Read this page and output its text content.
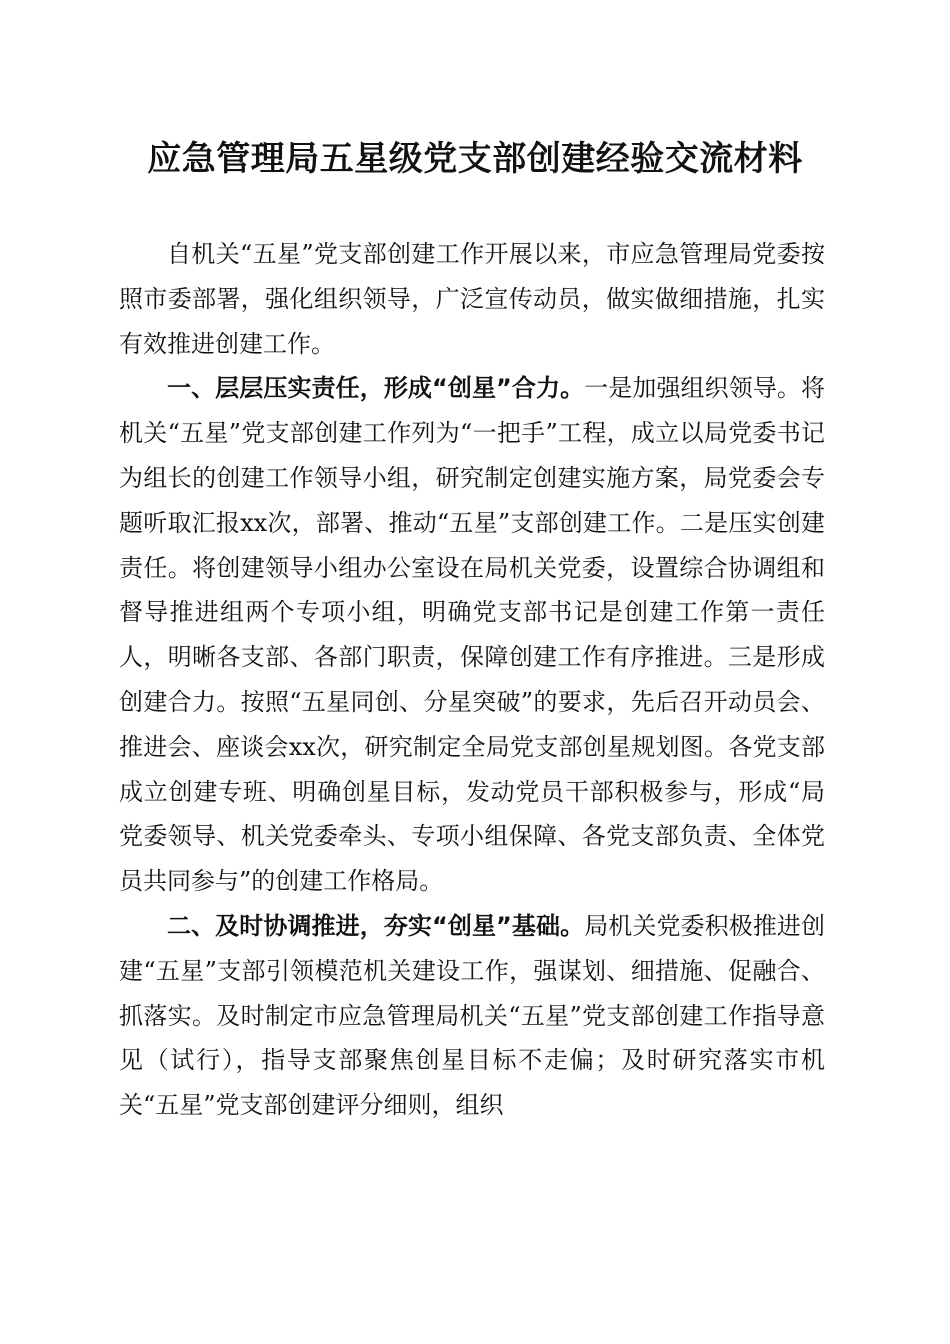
应急管理局五星级党支部创建经验交流材料

自机关“五星”党支部创建工作开展以来，市应急管理局党委按照市委部署，强化组织领导，广泛宣传动员，做实做细措施，扎实有效推进创建工作。

一、层层压实责任，形成“创星”合力。一是加强组织领导。将机关“五星”党支部创建工作列为“一把手”工程，成立以局党委书记为组长的创建工作领导小组，研究制定创建实施方案，局党委会专题听取汇报xx次，部署、推动“五星”支部创建工作。二是压实创建责任。将创建领导小组办公室设在局机关党委，设置综合协调组和督导推进组两个专项小组，明确党支部书记是创建工作第一责任人，明晰各支部、各部门职责，保障创建工作有序推进。三是形成创建合力。按照“五星同创、分星突破”的要求，先后召开动员会、推进会、座谈会xx次，研究制定全局党支部创星规划图。各党支部成立创建专班、明确创星目标，发动党员干部积极参与，形成“局党委领导、机关党委牵头、专项小组保障、各党支部负责、全体党员共同参与”的创建工作格局。

二、及时协调推进，夯实“创星”基础。局机关党委积极推进创建“五星”支部引领模范机关建设工作，强谋划、细措施、促融合、抓落实。及时制定市应急管理局机关“五星”党支部创建工作指导意见（试行），指导支部聚焦创星目标不走偏；及时研究落实市机关“五星”党支部创建评分细则，组织
